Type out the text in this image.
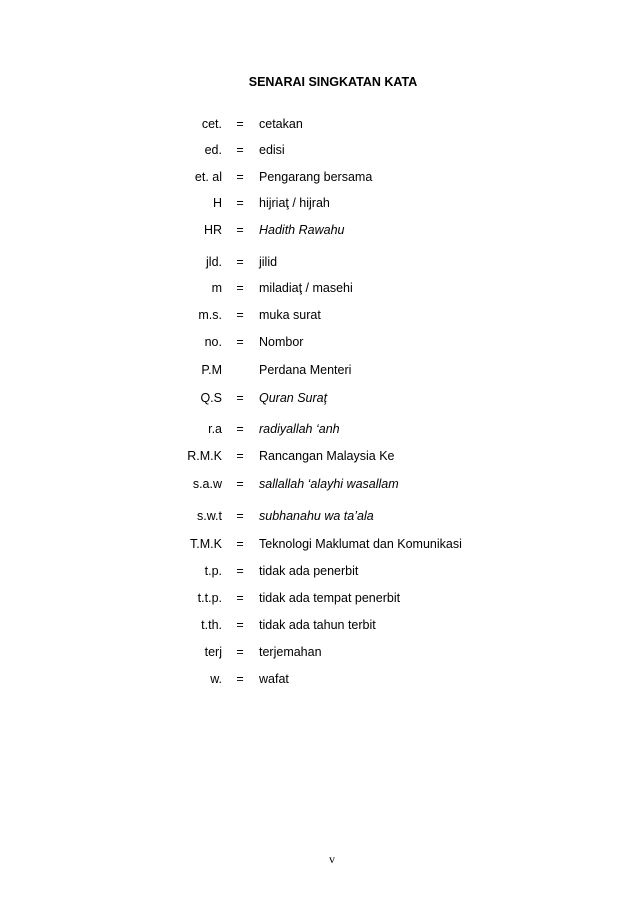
SENARAI SINGKATAN KATA
cet. = cetakan
ed. = edisi
et. al = Pengarang bersama
H = hijriaţ / hijrah
HR = Hadith Rawahu
jld. = jilid
m = miladiaţ / masehi
m.s. = muka surat
no. = Nombor
P.M	Perdana Menteri
Q.S = Quran Suraţ
r.a = radiyallah ‘anh
R.M.K = Rancangan Malaysia Ke
s.a.w = sallallah ‘alayhi wasallam
s.w.t = subhanahu wa ta’ala
T.M.K = Teknologi Maklumat dan Komunikasi
t.p. = tidak ada penerbit
t.t.p. = tidak ada tempat penerbit
t.th. = tidak ada tahun terbit
terj = terjemahan
w. = wafat
v
